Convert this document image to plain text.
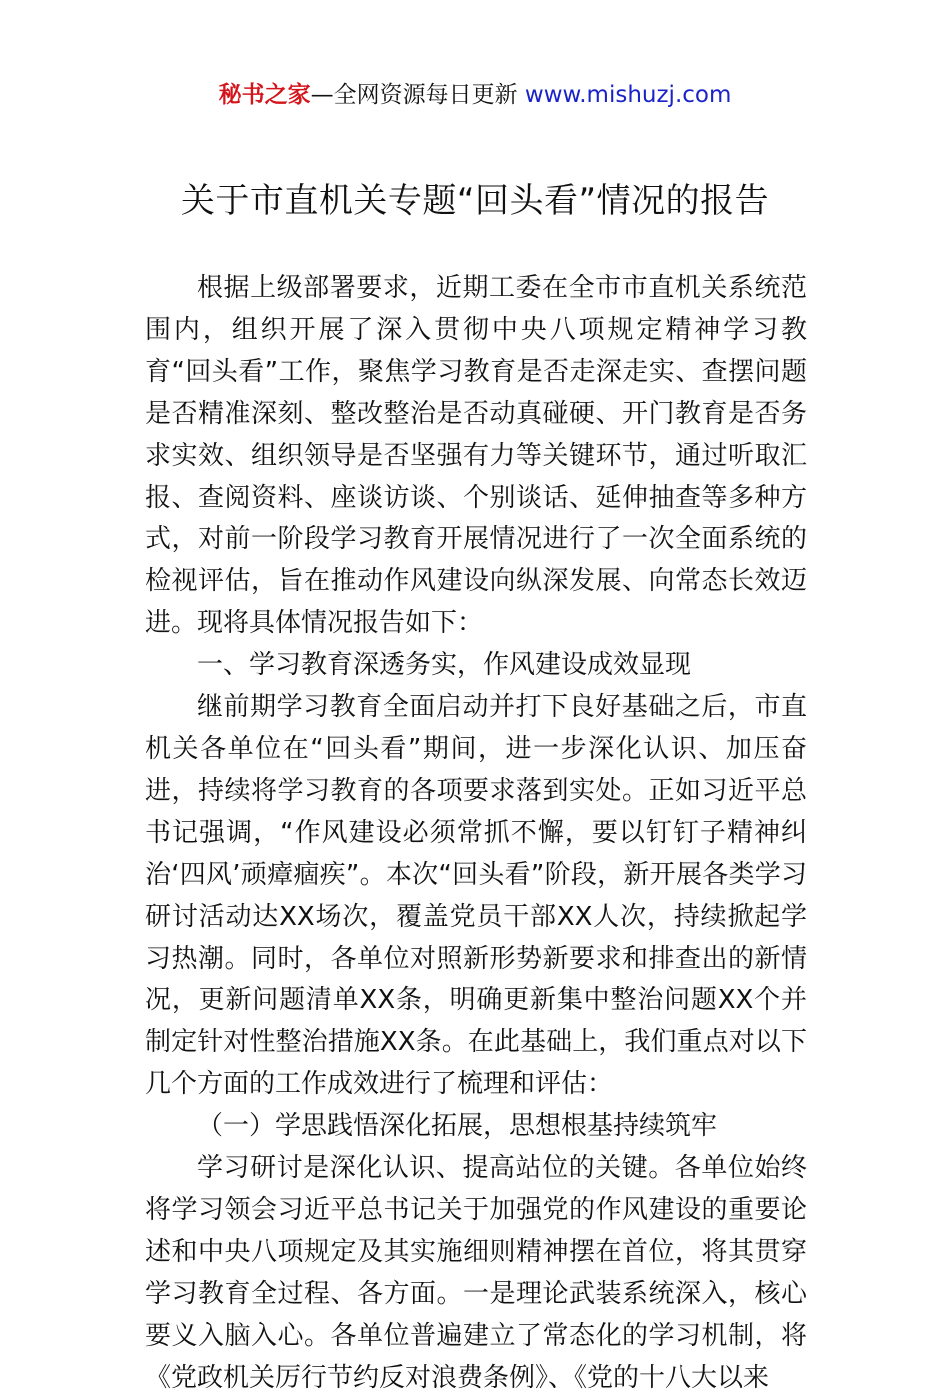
秘书之家—全网资源每日更新 www.mishuzj.com
关于市直机关专题“回头看”情况的报告

根据上级部署要求，近期工委在全市市直机关系统范围内，组织开展了深入贯彻中央八项规定精神学习教育“回头看”工作，聚焦学习教育是否走深走实、查摆问题是否精准深刻、整改整治是否动真碰硬、开门教育是否务求实效、组织领导是否坚强有力等关键环节，通过听取汇报、查阅资料、座谈访谈、个别谈话、延伸抽查等多种方式，对前一阶段学习教育开展情况进行了一次全面系统的检视评估，旨在推动作风建设向纵深发展、向常态长效迈进。现将具体情况报告如下：

一、学习教育深透务实，作风建设成效显现

继前期学习教育全面启动并打下良好基础之后，市直机关各单位在“回头看”期间，进一步深化认识、加压奋进，持续将学习教育的各项要求落到实处。正如习近平总书记强调，“作风建设必须常抓不懈，要以钉钉子精神纠治‘四风’顽瘴痼疾”。本次“回头看”阶段，新开展各类学习研讨活动达XX场次，覆盖党员干部XX人次，持续掀起学习热潮。同时，各单位对照新形势新要求和排查出的新情况，更新问题清单XX条，明确更新集中整治问题XX个并制定针对性整治措施XX条。在此基础上，我们重点对以下几个方面的工作成效进行了梳理和评估：

（一）学思践悟深化拓展，思想根基持续筑牢

学习研讨是深化认识、提高站位的关键。各单位始终将学习领会习近平总书记关于加强党的作风建设的重要论述和中央八项规定及其实施细则精神摆在首位，将其贯穿学习教育全过程、各方面。一是理论武装系统深入，核心要义入脑入心。各单位普遍建立了常态化的学习机制，将《党政机关厉行节约反对浪费条例》、《党的十八大以来
